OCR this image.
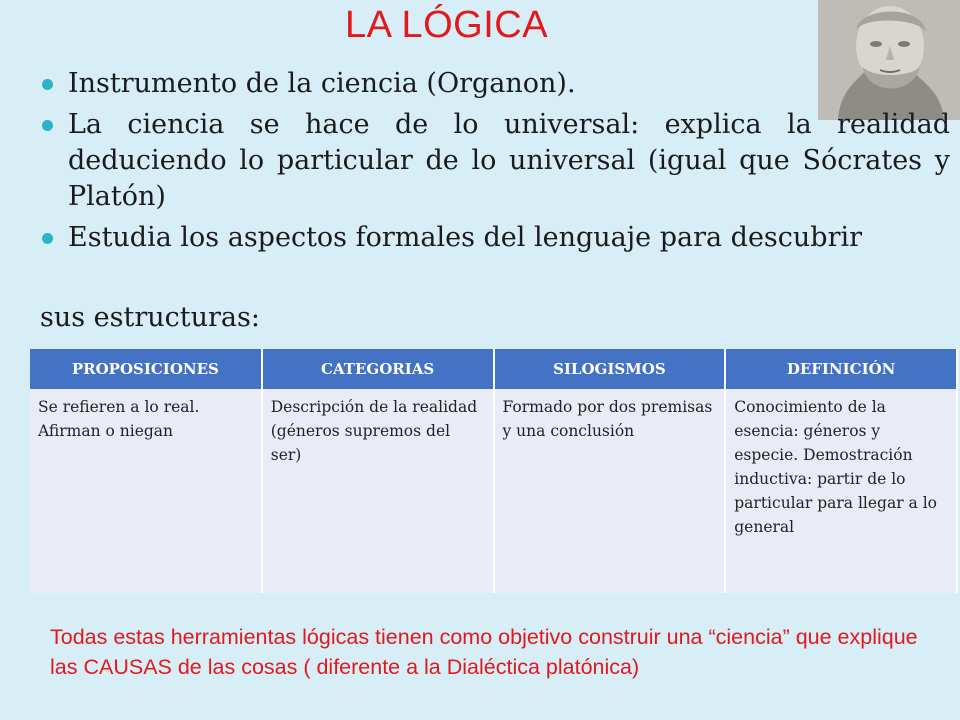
LA LÓGICA
Instrumento de la ciencia (Organon).
La ciencia se hace de lo universal: explica la realidad deduciendo lo particular de lo universal (igual que Sócrates y Platón)
Estudia los aspectos formales del lenguaje para descubrir
sus estructuras:
PROPOSICIONES	CATEGORIAS	SILOGISMOS	DEFINICIÓN
Se refieren a lo real. Afirman o niegan	Descripción de la realidad (géneros supremos del ser)	Formado por dos premisas y una conclusión	Conocimiento de la esencia: géneros y especie. Demostración inductiva: partir de lo particular para llegar a lo general
Todas estas herramientas lógicas tienen como objetivo construir una “ciencia” que explique las CAUSAS de las cosas ( diferente a la Dialéctica platónica)
